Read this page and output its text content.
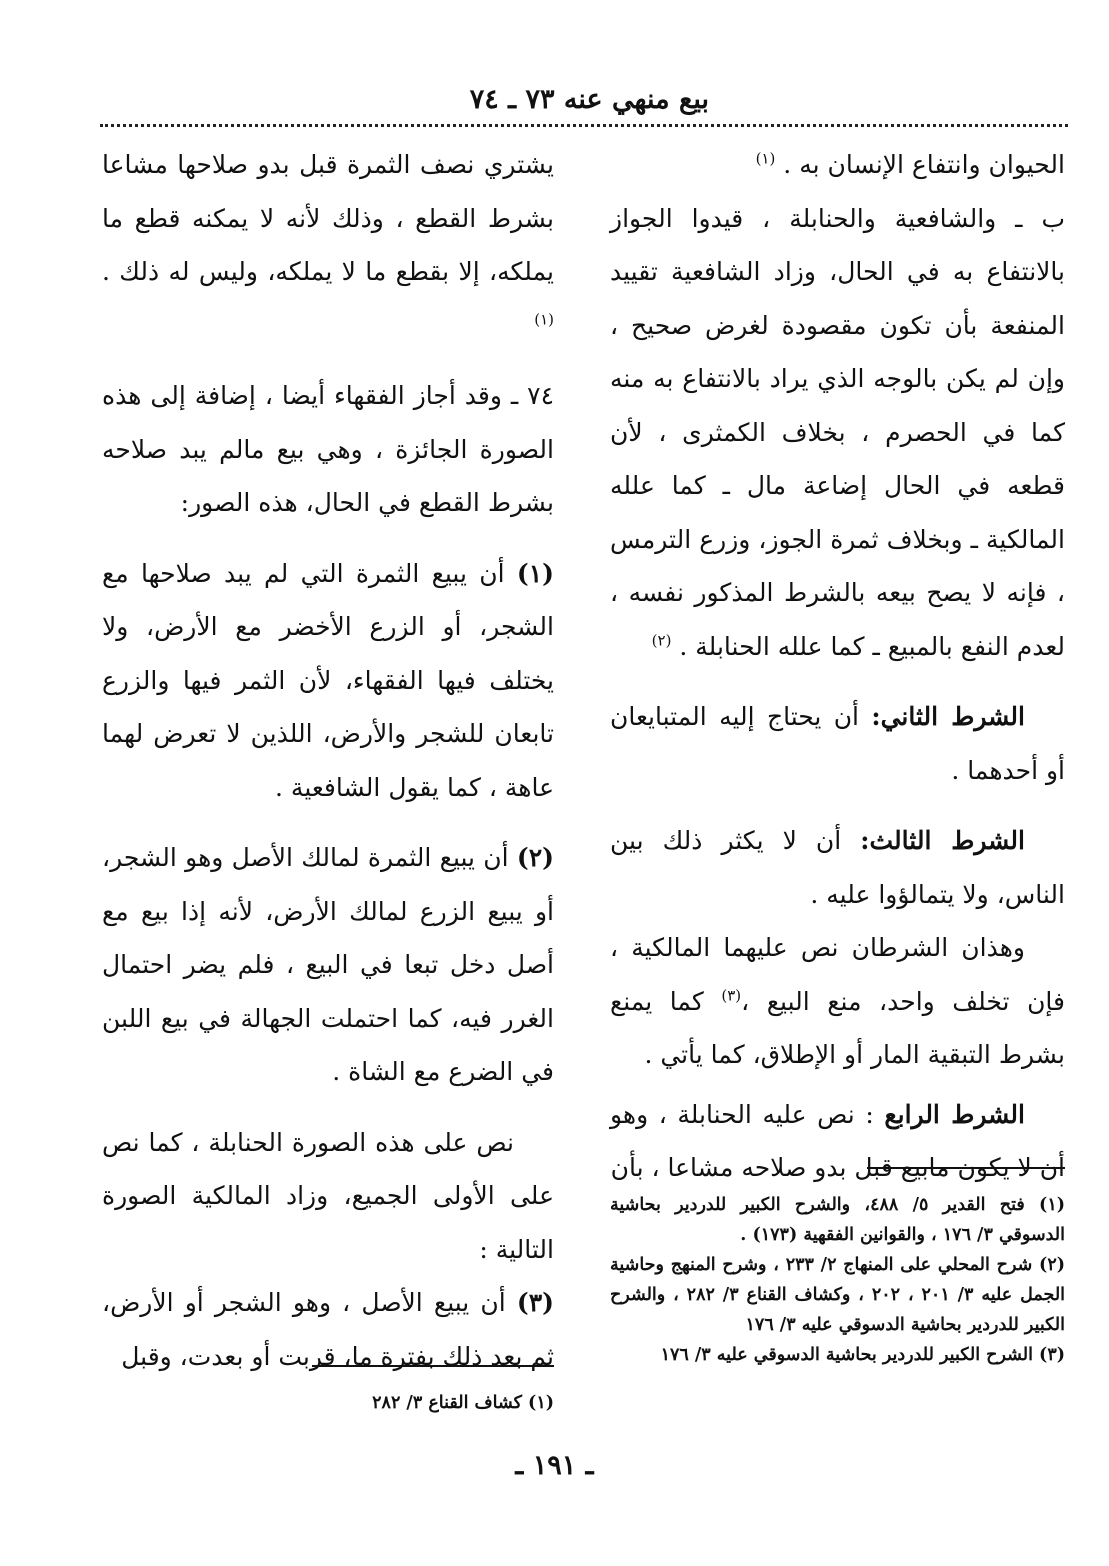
بيع منهي عنه ٧٣ ـ ٧٤

الحيوان وانتفاع الإنسان به . $^{(١)}$

ب ـ والشافعية والحنابلة ، قيدوا الجواز بالانتفاع به في الحال، وزاد الشافعية تقييد المنفعة بأن تكون مقصودة لغرض صحيح ، وإن لم يكن بالوجه الذي يراد بالانتفاع به منه كما في الحصرم ، بخلاف الكمثرى ، لأن قطعه في الحال إضاعة مال ـ كما علله المالكية ـ وبخلاف ثمرة الجوز، وزرع الترمس ، فإنه لا يصح بيعه بالشرط المذكور نفسه ، لعدم النفع بالمبيع ـ كما علله الحنابلة . $^{(٢)}$

الشرط الثاني: أن يحتاج إليه المتبايعان أو أحدهما .

الشرط الثالث: أن لا يكثر ذلك بين الناس، ولا يتمالؤوا عليه .

وهذان الشرطان نص عليهما المالكية ، فإن تخلف واحد، منع البيع ،$^{(٣)}$ كما يمنع بشرط التبقية المار أو الإطلاق، كما يأتي .

الشرط الرابع : نص عليه الحنابلة ، وهو أن لا يكون مابيع قبل بدو صلاحه مشاعا ، بأن

يشتري نصف الثمرة قبل بدو صلاحها مشاعا بشرط القطع ، وذلك لأنه لا يمكنه قطع ما يملكه، إلا بقطع ما لا يملكه، وليس له ذلك . $^{(١)}$

٧٤ ـ وقد أجاز الفقهاء أيضا ، إضافة إلى هذه الصورة الجائزة ، وهي بيع مالم يبد صلاحه بشرط القطع في الحال، هذه الصور:

(١) أن يبيع الثمرة التي لم يبد صلاحها مع الشجر، أو الزرع الأخضر مع الأرض، ولا يختلف فيها الفقهاء، لأن الثمر فيها والزرع تابعان للشجر والأرض، اللذين لا تعرض لهما عاهة ، كما يقول الشافعية .

(٢) أن يبيع الثمرة لمالك الأصل وهو الشجر، أو يبيع الزرع لمالك الأرض، لأنه إذا بيع مع أصل دخل تبعا في البيع ، فلم يضر احتمال الغرر فيه، كما احتملت الجهالة في بيع اللبن في الضرع مع الشاة .

نص على هذه الصورة الحنابلة ، كما نص على الأولى الجميع، وزاد المالكية الصورة التالية :

(٣) أن يبيع الأصل ، وهو الشجر أو الأرض، ثم بعد ذلك بفترة ما، قربت أو بعدت، وقبل

(١) فتح القدير ٥/ ٤٨٨، والشرح الكبير للدردير بحاشية الدسوقي ٣/ ١٧٦ ، والقوانين الفقهية (١٧٣) .

(٢) شرح المحلي على المنهاج ٢/ ٢٣٣ ، وشرح المنهج وحاشية الجمل عليه ٣/ ٢٠١ ، ٢٠٢ ، وكشاف القناع ٣/ ٢٨٢ ، والشرح الكبير للدردير بحاشية الدسوقي عليه ٣/ ١٧٦

(٣) الشرح الكبير للدردير بحاشية الدسوقي عليه ٣/ ١٧٦

(١) كشاف القناع ٣/ ٢٨٢

ـ ١٩١ ـ
